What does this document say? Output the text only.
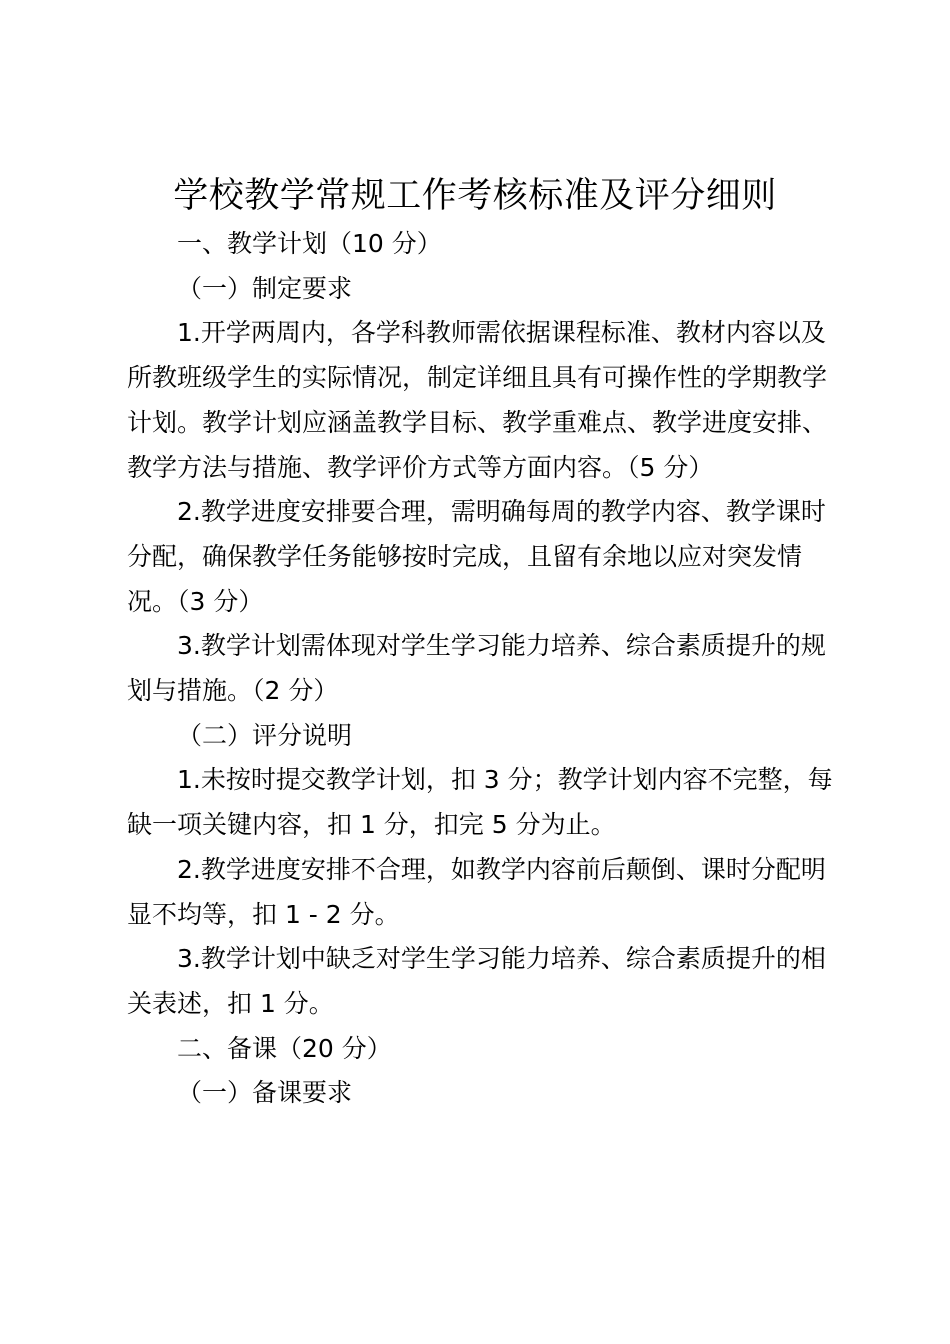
学校教学常规工作考核标准及评分细则

一、教学计划（10 分）

（一）制定要求

1.开学两周内，各学科教师需依据课程标准、教材内容以及所教班级学生的实际情况，制定详细且具有可操作性的学期教学计划。教学计划应涵盖教学目标、教学重难点、教学进度安排、教学方法与措施、教学评价方式等方面内容。（5 分）

2.教学进度安排要合理，需明确每周的教学内容、教学课时分配，确保教学任务能够按时完成，且留有余地以应对突发情况。（3 分）

3.教学计划需体现对学生学习能力培养、综合素质提升的规划与措施。（2 分）

（二）评分说明

1.未按时提交教学计划，扣 3 分；教学计划内容不完整，每缺一项关键内容，扣 1 分，扣完 5 分为止。

2.教学进度安排不合理，如教学内容前后颠倒、课时分配明显不均等，扣 1 - 2 分。

3.教学计划中缺乏对学生学习能力培养、综合素质提升的相关表述，扣 1 分。

二、备课（20 分）

（一）备课要求
